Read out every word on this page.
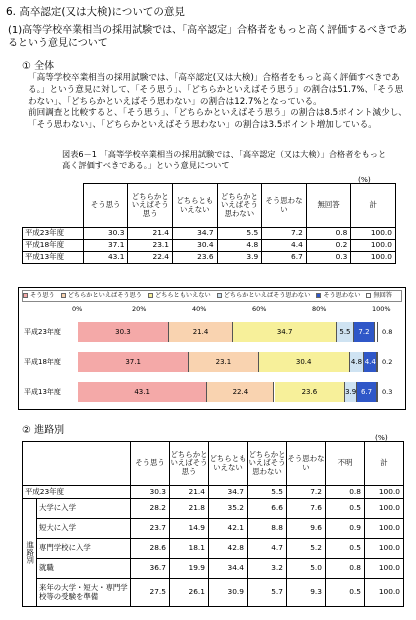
6. 高卒認定(又は大検)についての意見
(1)高等学校卒業相当の採用試験では、「高卒認定」合格者をもっと高く評価するべきであるという意見について
① 全体
「高等学校卒業相当の採用試験では、「高卒認定(又は大検)」合格者をもっと高く評価すべきである。」という意見に対して、「そう思う」、「どちらかといえばそう思う」の割合は51.7%、「そう思わない」、「どちらかといえばそう思わない」の割合は12.7%となっている。
前回調査と比較すると、「そう思う」、「どちらかといえばそう思う」の割合は8.5ポイント減少し、「そう思わない」、「どちらかといえばそう思わない」の割合は3.5ポイント増加している。
図表6－1 「高等学校卒業相当の採用試験では、「高卒認定（又は大検）」合格者をもっと高く評価すべきである。」という意見について
(%)
	そう思う	どちらかといえばそう思う	どちらともいえない	どちらかといえばそう思わない	そう思わない	無回答	計
平成23年度	30.3	21.4	34.7	5.5	7.2	0.8	100.0
平成18年度	37.1	23.1	30.4	4.8	4.4	0.2	100.0
平成13年度	43.1	22.4	23.6	3.9	6.7	0.3	100.0
そう思う どちらかといえばそう思う どちらともいえない どちらかといえばそう思わない そう思わない 無回答
0%	20%	40%	60%	80%	100%
平成23年度	30.3	21.4	34.7	5.5	7.2	0.8
平成18年度	37.1	23.1	30.4	4.8 4.4 0.2
平成13年度	43.1	22.4	23.6	3.9 6.7	0.3
② 進路別
(%)
		そう思う	どちらかといえばそう思う	どちらともいえない	どちらかといえばそう思わない	そう思わない	不明	計
平成23年度		30.3	21.4	34.7	5.5	7.2	0.8	100.0
進路別	大学に入学	28.2	21.8	35.2	6.6	7.6	0.5	100.0
	短大に入学	23.7	14.9	42.1	8.8	9.6	0.9	100.0
	専門学校に入学	28.6	18.1	42.8	4.7	5.2	0.5	100.0
	就職	36.7	19.9	34.4	3.2	5.0	0.8	100.0
	来年の大学・短大・専門学校等の受験を準備	27.5	26.1	30.9	5.7	9.3	0.5	100.0
